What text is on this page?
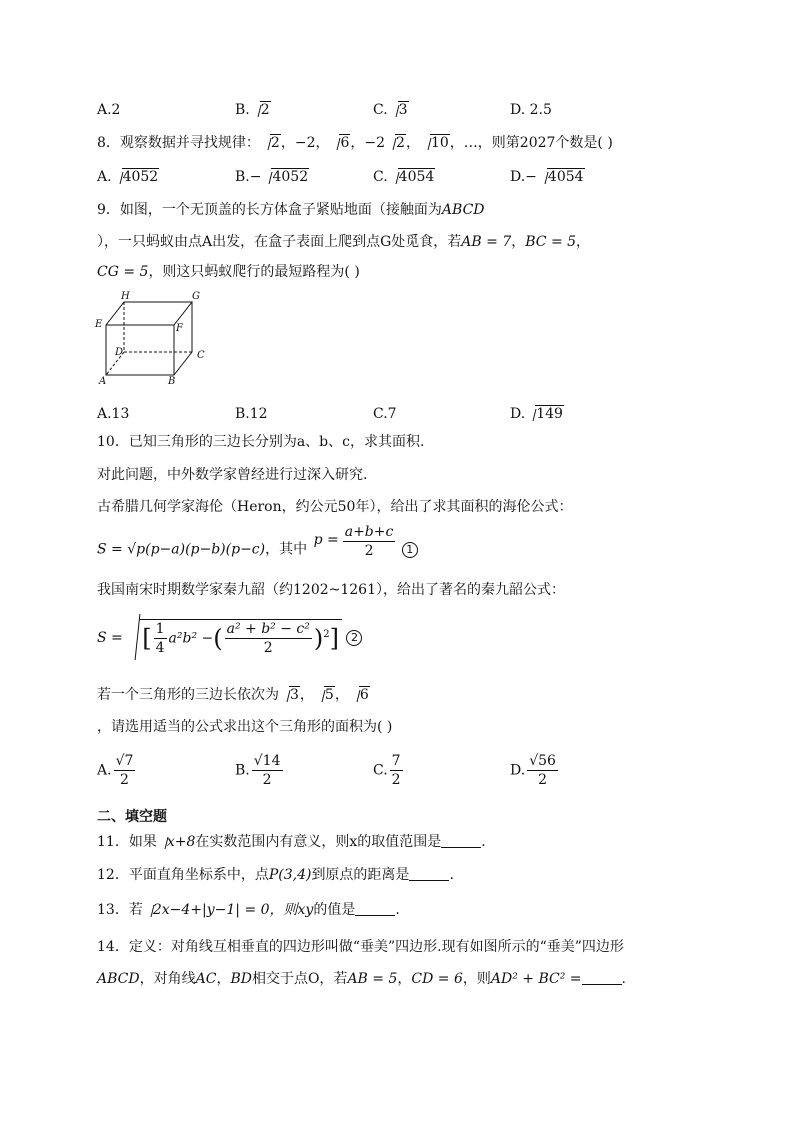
A.2	B. 2	C. 3	D. 2.5
8．观察数据并寻找规律： 2，−2， 6，−2 2， 10，…，则第2027个数是( )
A. 4052	B.− 4052	C. 4054	D.− 4054
9．如图，一个无顶盖的长方体盒子紧贴地面（接触面为ABCD
），一只蚂蚁由点A出发，在盒子表面上爬到点G处觅食，若AB = 7，BC = 5，
CG = 5，则这只蚂蚁爬行的最短路程为( )
H	G
E	F
D	C
A	B
A.13	B.12	C.7	D. 149
10．已知三角形的三边长分别为a、b、c，求其面积.
对此问题，中外数学家曾经进行过深入研究.
古希腊几何学家海伦（Heron，约公元50年），给出了求其面积的海伦公式：
S = √p(p−a)(p−b)(p−c)，其中
$p = \frac{a+b+c}{2} 1$
我国南宋时期数学家秦九韶（约1202~1261），给出了著名的秦九韶公式：
S = [ $\frac{1}{4} a^2b^2$ −( $\frac{\text{a² + b² − c²}}{2} )^2$] 2
若一个三角形的三边长依次为 3， 5， 6
，请选用适当的公式求出这个三角形的面积为( )
A. $\frac{√7}{2}$	B. $\frac{√14}{2}$	C. $\frac{7}{2}$	D. $\frac{√56}{2}$
二、填空题
11．如果 x+8在实数范围内有意义，则x的取值范围是	.
12．平面直角坐标系中，点P(3,4)到原点的距离是	.
13．若 2x−4+|y−1| = 0，则xy的值是	.
14．定义：对角线互相垂直的四边形叫做“垂美”四边形.现有如图所示的“垂美”四边形
ABCD，对角线AC，BD相交于点O，若AB = 5，CD = 6，则AD² + BC² =	.
